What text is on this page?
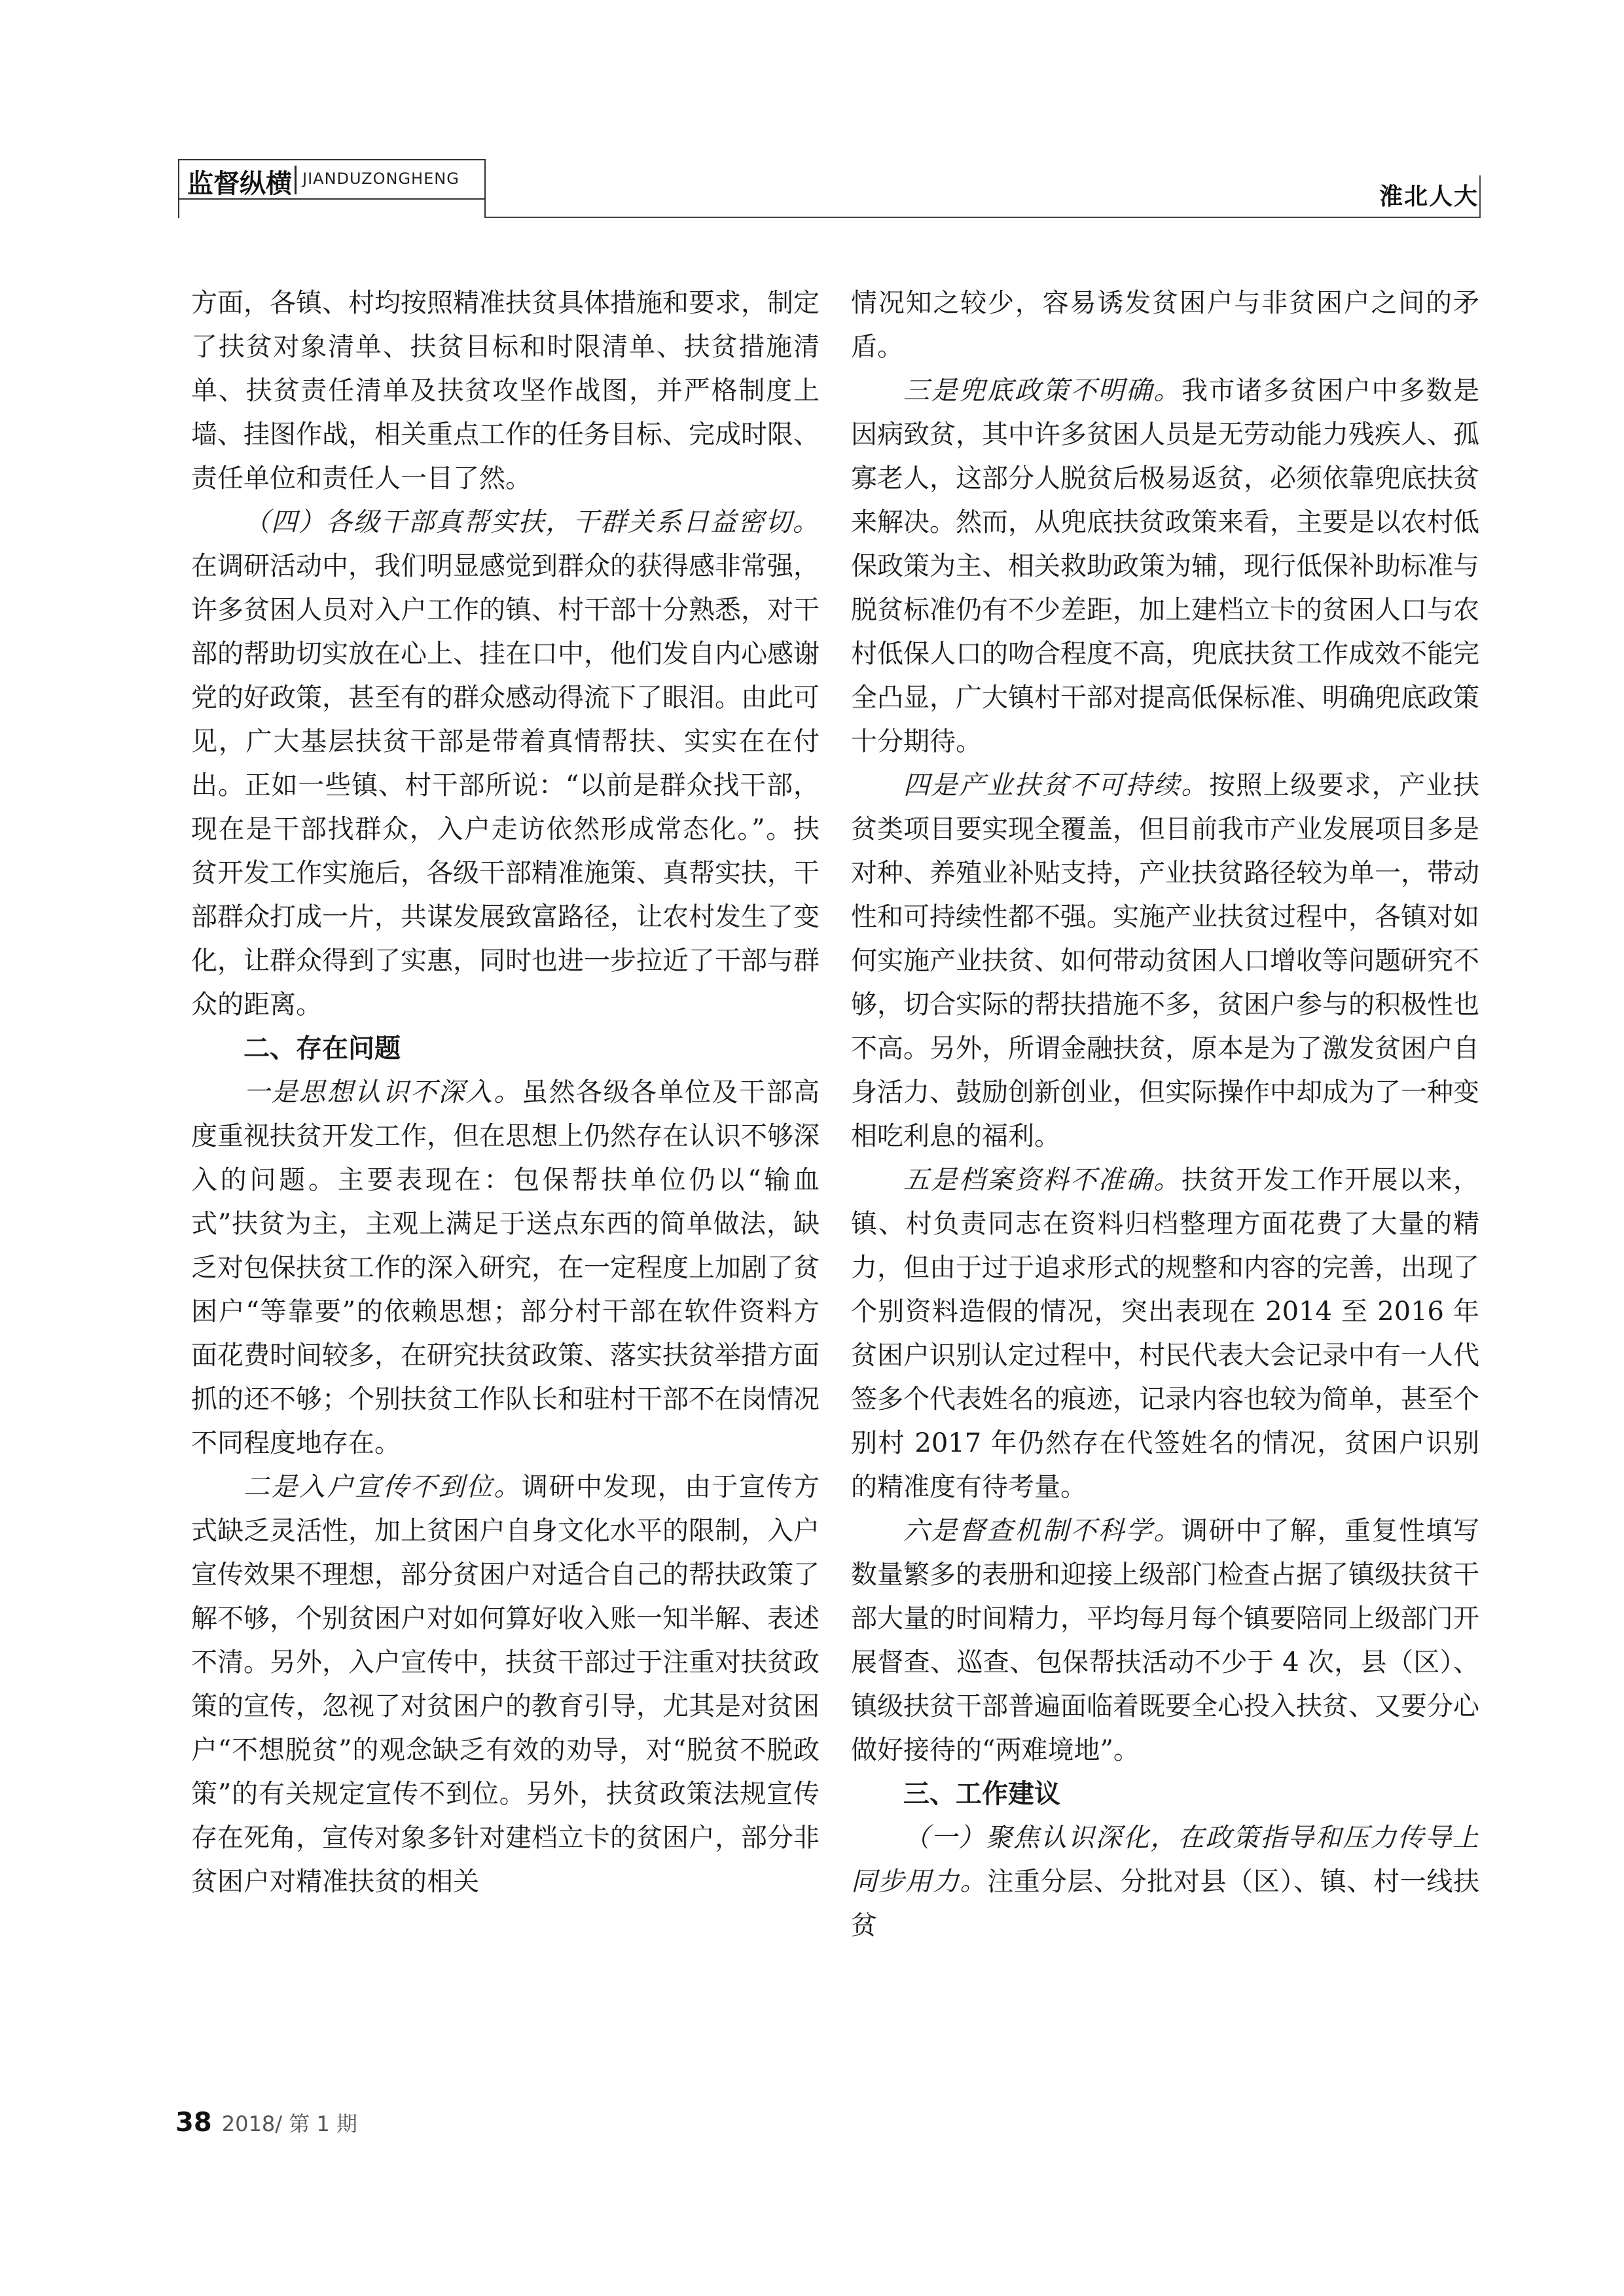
监督纵横 JIANDUZONGHENG
淮北人大

方面，各镇、村均按照精准扶贫具体措施和要求，制定了扶贫对象清单、扶贫目标和时限清单、扶贫措施清单、扶贫责任清单及扶贫攻坚作战图，并严格制度上墙、挂图作战，相关重点工作的任务目标、完成时限、责任单位和责任人一目了然。

（四）各级干部真帮实扶，干群关系日益密切。在调研活动中，我们明显感觉到群众的获得感非常强，许多贫困人员对入户工作的镇、村干部十分熟悉，对干部的帮助切实放在心上、挂在口中，他们发自内心感谢党的好政策，甚至有的群众感动得流下了眼泪。由此可见，广大基层扶贫干部是带着真情帮扶、实实在在付出。正如一些镇、村干部所说：“以前是群众找干部，现在是干部找群众，入户走访依然形成常态化。”。扶贫开发工作实施后，各级干部精准施策、真帮实扶，干部群众打成一片，共谋发展致富路径，让农村发生了变化，让群众得到了实惠，同时也进一步拉近了干部与群众的距离。

二、存在问题

一是思想认识不深入。虽然各级各单位及干部高度重视扶贫开发工作，但在思想上仍然存在认识不够深入的问题。主要表现在：包保帮扶单位仍以“输血式”扶贫为主，主观上满足于送点东西的简单做法，缺乏对包保扶贫工作的深入研究，在一定程度上加剧了贫困户“等靠要”的依赖思想；部分村干部在软件资料方面花费时间较多，在研究扶贫政策、落实扶贫举措方面抓的还不够；个别扶贫工作队长和驻村干部不在岗情况不同程度地存在。

二是入户宣传不到位。调研中发现，由于宣传方式缺乏灵活性，加上贫困户自身文化水平的限制，入户宣传效果不理想，部分贫困户对适合自己的帮扶政策了解不够，个别贫困户对如何算好收入账一知半解、表述不清。另外，入户宣传中，扶贫干部过于注重对扶贫政策的宣传，忽视了对贫困户的教育引导，尤其是对贫困户“不想脱贫”的观念缺乏有效的劝导，对“脱贫不脱政策”的有关规定宣传不到位。另外，扶贫政策法规宣传存在死角，宣传对象多针对建档立卡的贫困户，部分非贫困户对精准扶贫的相关

情况知之较少，容易诱发贫困户与非贫困户之间的矛盾。

三是兜底政策不明确。我市诸多贫困户中多数是因病致贫，其中许多贫困人员是无劳动能力残疾人、孤寡老人，这部分人脱贫后极易返贫，必须依靠兜底扶贫来解决。然而，从兜底扶贫政策来看，主要是以农村低保政策为主、相关救助政策为辅，现行低保补助标准与脱贫标准仍有不少差距，加上建档立卡的贫困人口与农村低保人口的吻合程度不高，兜底扶贫工作成效不能完全凸显，广大镇村干部对提高低保标准、明确兜底政策十分期待。

四是产业扶贫不可持续。按照上级要求，产业扶贫类项目要实现全覆盖，但目前我市产业发展项目多是对种、养殖业补贴支持，产业扶贫路径较为单一，带动性和可持续性都不强。实施产业扶贫过程中，各镇对如何实施产业扶贫、如何带动贫困人口增收等问题研究不够，切合实际的帮扶措施不多，贫困户参与的积极性也不高。另外，所谓金融扶贫，原本是为了激发贫困户自身活力、鼓励创新创业，但实际操作中却成为了一种变相吃利息的福利。

五是档案资料不准确。扶贫开发工作开展以来，镇、村负责同志在资料归档整理方面花费了大量的精力，但由于过于追求形式的规整和内容的完善，出现了个别资料造假的情况，突出表现在 2014 至 2016 年贫困户识别认定过程中，村民代表大会记录中有一人代签多个代表姓名的痕迹，记录内容也较为简单，甚至个别村 2017 年仍然存在代签姓名的情况，贫困户识别的精准度有待考量。

六是督查机制不科学。调研中了解，重复性填写数量繁多的表册和迎接上级部门检查占据了镇级扶贫干部大量的时间精力，平均每月每个镇要陪同上级部门开展督查、巡查、包保帮扶活动不少于 4 次，县（区）、镇级扶贫干部普遍面临着既要全心投入扶贫、又要分心做好接待的“两难境地”。

三、工作建议

（一）聚焦认识深化，在政策指导和压力传导上同步用力。注重分层、分批对县（区）、镇、村一线扶贫

38 2018/ 第 1 期
